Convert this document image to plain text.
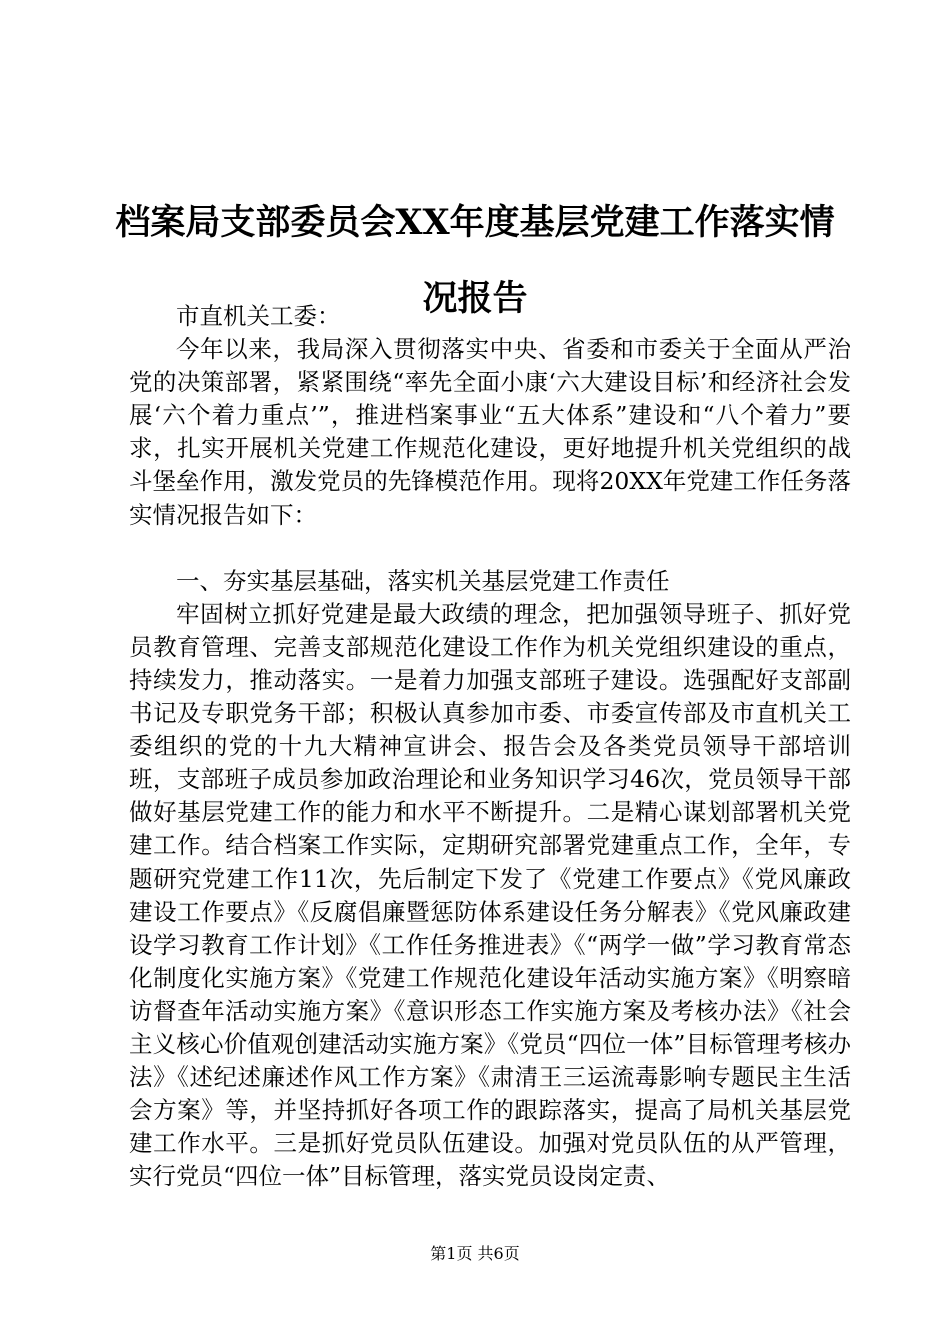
档案局支部委员会XX年度基层党建工作落实情况报告

市直机关工委：

今年以来，我局深入贯彻落实中央、省委和市委关于全面从严治党的决策部署，紧紧围绕“率先全面小康‘六大建设目标’和经济社会发展‘六个着力重点’”，推进档案事业“五大体系”建设和“八个着力”要求，扎实开展机关党建工作规范化建设，更好地提升机关党组织的战斗堡垒作用，激发党员的先锋模范作用。现将20XX年党建工作任务落实情况报告如下：

一、夯实基层基础，落实机关基层党建工作责任

牢固树立抓好党建是最大政绩的理念，把加强领导班子、抓好党员教育管理、完善支部规范化建设工作作为机关党组织建设的重点，持续发力，推动落实。一是着力加强支部班子建设。选强配好支部副书记及专职党务干部；积极认真参加市委、市委宣传部及市直机关工委组织的党的十九大精神宣讲会、报告会及各类党员领导干部培训班，支部班子成员参加政治理论和业务知识学习46次，党员领导干部做好基层党建工作的能力和水平不断提升。二是精心谋划部署机关党建工作。结合档案工作实际，定期研究部署党建重点工作，全年，专题研究党建工作11次，先后制定下发了《党建工作要点》《党风廉政建设工作要点》《反腐倡廉暨惩防体系建设任务分解表》《党风廉政建设学习教育工作计划》《工作任务推进表》《“两学一做”学习教育常态化制度化实施方案》《党建工作规范化建设年活动实施方案》《明察暗访督查年活动实施方案》《意识形态工作实施方案及考核办法》《社会主义核心价值观创建活动实施方案》《党员“四位一体”目标管理考核办法》《述纪述廉述作风工作方案》《肃清王三运流毒影响专题民主生活会方案》等，并坚持抓好各项工作的跟踪落实，提高了局机关基层党建工作水平。三是抓好党员队伍建设。加强对党员队伍的从严管理，实行党员“四位一体”目标管理，落实党员设岗定责、

第1页 共6页
